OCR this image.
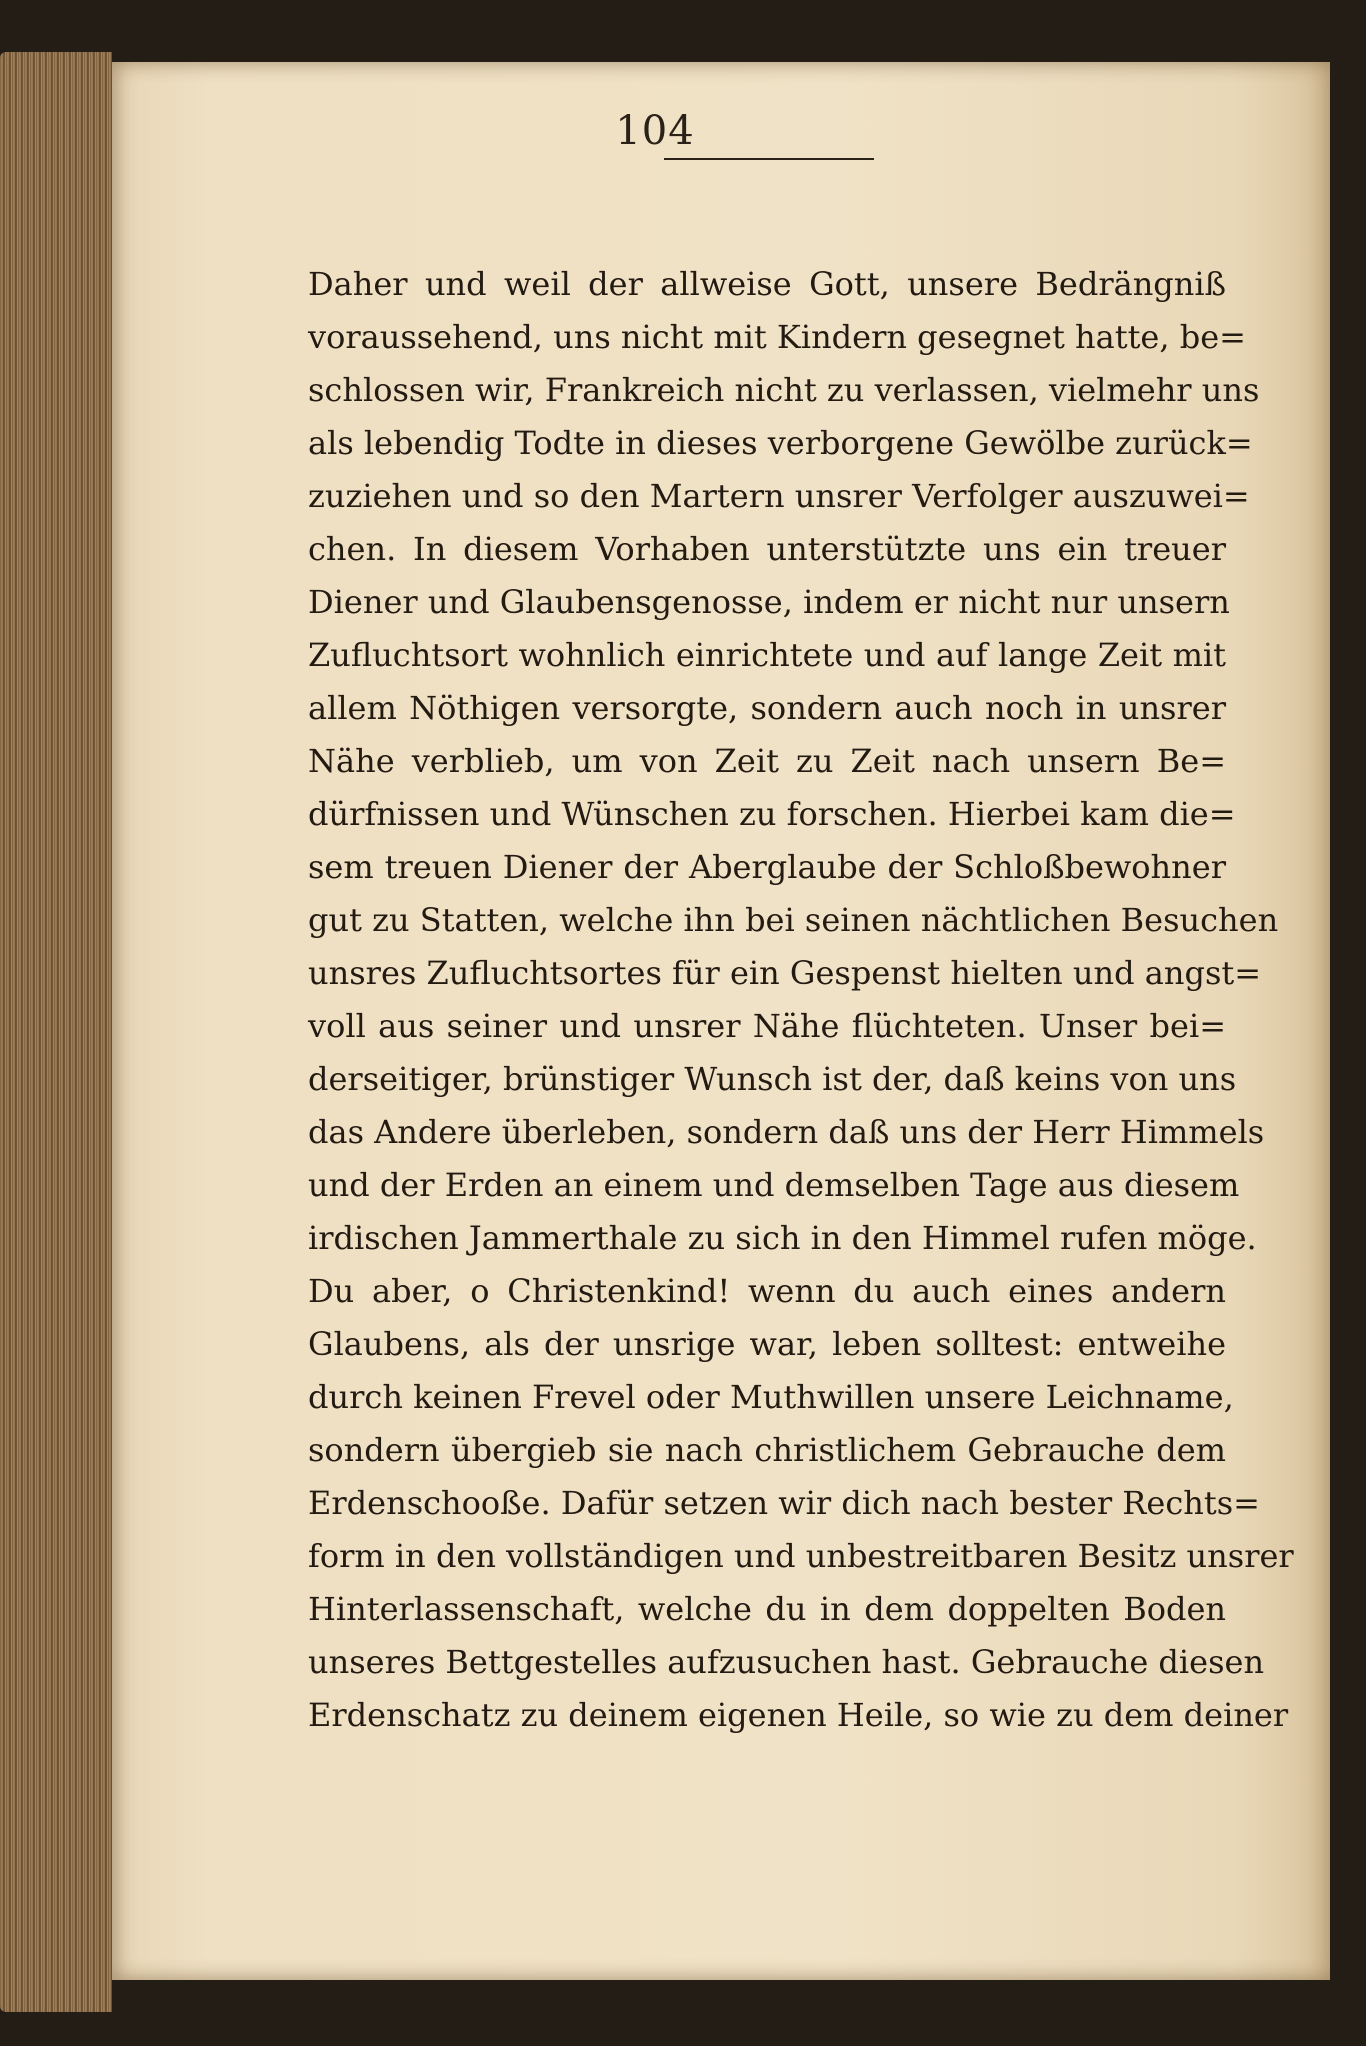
104
Daher und weil der allweise Gott, unsere Bedrängniß
voraussehend, uns nicht mit Kindern gesegnet hatte, be=
schlossen wir, Frankreich nicht zu verlassen, vielmehr uns
als lebendig Todte in dieses verborgene Gewölbe zurück=
zuziehen und so den Martern unsrer Verfolger auszuwei=
chen. In diesem Vorhaben unterstützte uns ein treuer
Diener und Glaubensgenosse, indem er nicht nur unsern
Zufluchtsort wohnlich einrichtete und auf lange Zeit mit
allem Nöthigen versorgte, sondern auch noch in unsrer
Nähe verblieb, um von Zeit zu Zeit nach unsern Be=
dürfnissen und Wünschen zu forschen. Hierbei kam die=
sem treuen Diener der Aberglaube der Schloßbewohner
gut zu Statten, welche ihn bei seinen nächtlichen Besuchen
unsres Zufluchtsortes für ein Gespenst hielten und angst=
voll aus seiner und unsrer Nähe flüchteten. Unser bei=
derseitiger, brünstiger Wunsch ist der, daß keins von uns
das Andere überleben, sondern daß uns der Herr Himmels
und der Erden an einem und demselben Tage aus diesem
irdischen Jammerthale zu sich in den Himmel rufen möge.
Du aber, o Christenkind! wenn du auch eines andern
Glaubens, als der unsrige war, leben solltest: entweihe
durch keinen Frevel oder Muthwillen unsere Leichname,
sondern übergieb sie nach christlichem Gebrauche dem
Erdenschooße. Dafür setzen wir dich nach bester Rechts=
form in den vollständigen und unbestreitbaren Besitz unsrer
Hinterlassenschaft, welche du in dem doppelten Boden
unseres Bettgestelles aufzusuchen hast. Gebrauche diesen
Erdenschatz zu deinem eigenen Heile, so wie zu dem deiner
